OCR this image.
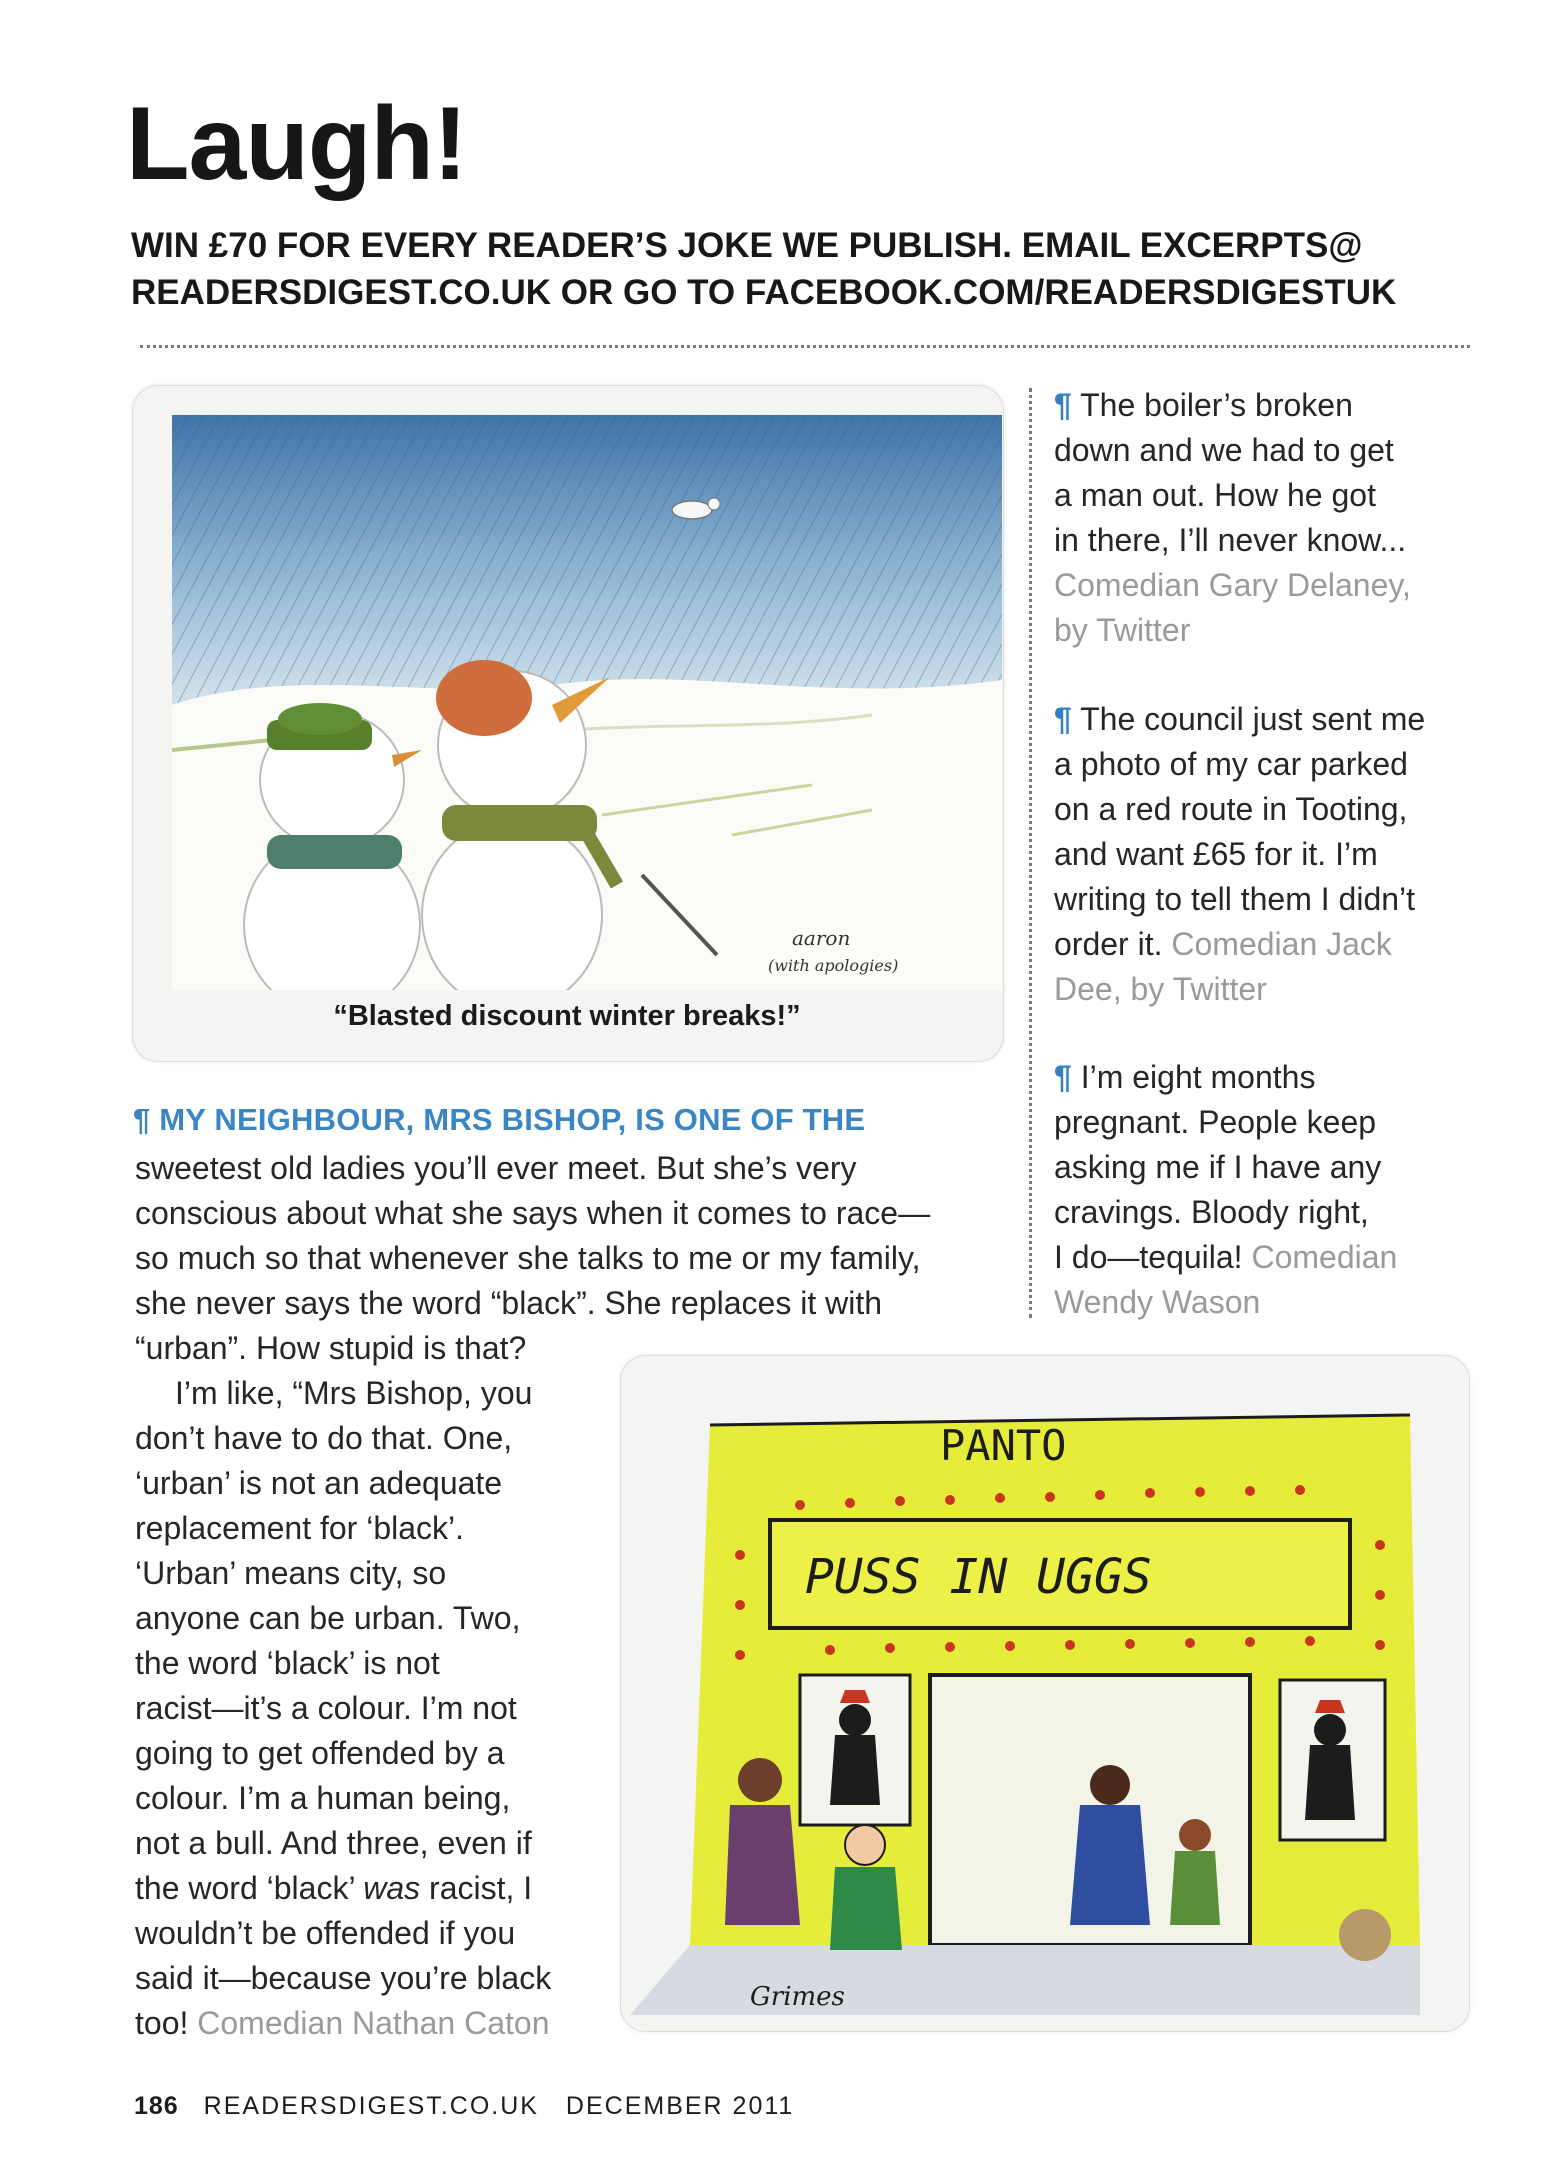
Laugh!
WIN £70 FOR EVERY READER’S JOKE WE PUBLISH. EMAIL EXCERPTS@
READERSDIGEST.CO.UK OR GO TO FACEBOOK.COM/READERSDIGESTUK
aaron
(with apologies)
“Blasted discount winter breaks!”
¶ The boiler’s broken
down and we had to get
a man out. How he got
in there, I’ll never know...
Comedian Gary Delaney,
by Twitter
¶ The council just sent me
a photo of my car parked
on a red route in Tooting,
and want £65 for it. I’m
writing to tell them I didn’t
order it. Comedian Jack
Dee, by Twitter
¶ I’m eight months
pregnant. People keep
asking me if I have any
cravings. Bloody right,
I do—tequila! Comedian
Wendy Wason
¶ MY NEIGHBOUR, MRS BISHOP, IS ONE OF THE
sweetest old ladies you’ll ever meet. But she’s very
conscious about what she says when it comes to race—
so much so that whenever she talks to me or my family,
she never says the word “black”. She replaces it with
“urban”. How stupid is that?
I’m like, “Mrs Bishop, you
don’t have to do that. One,
‘urban’ is not an adequate
replacement for ‘black’.
‘Urban’ means city, so
anyone can be urban. Two,
the word ‘black’ is not
racist—it’s a colour. I’m not
going to get offended by a
colour. I’m a human being,
not a bull. And three, even if
the word ‘black’ was racist, I
wouldn’t be offended if you
said it—because you’re black
too! Comedian Nathan Caton
PANTO
PUSS IN UGGS
Grimes
186 READERSDIGEST.CO.UK DECEMBER 2011
